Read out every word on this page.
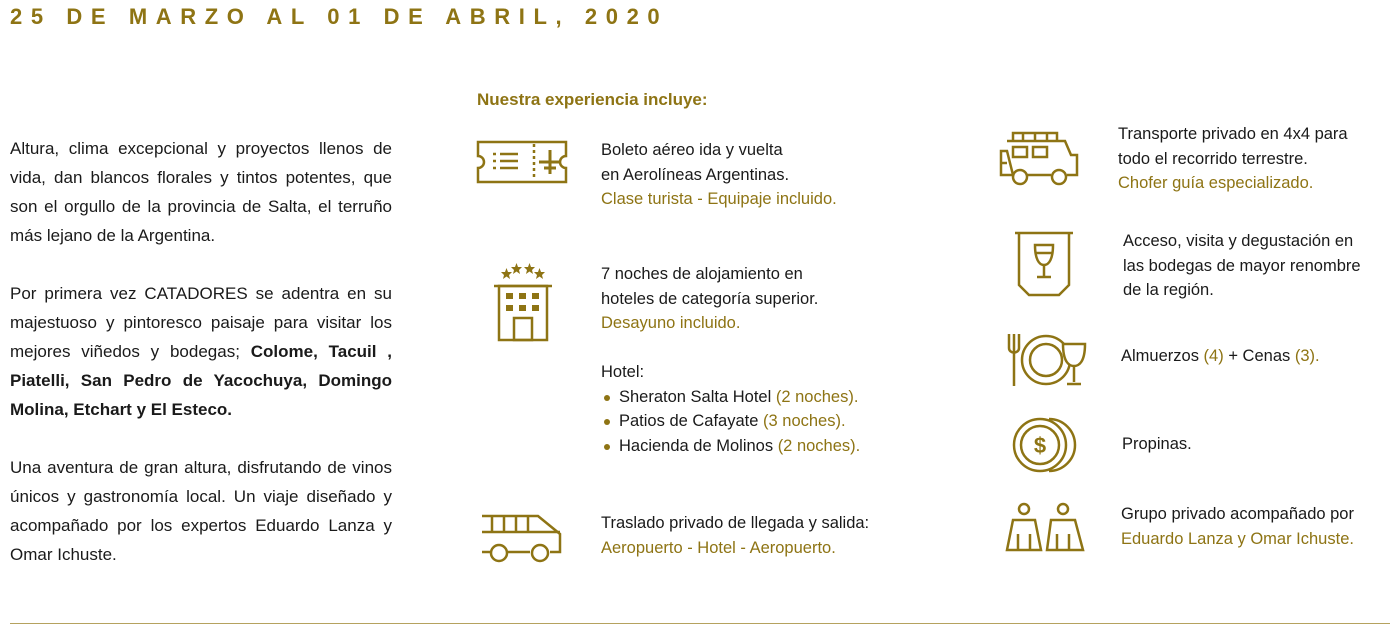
25 DE MARZO AL 01 DE ABRIL, 2020

Altura, clima excepcional y proyectos llenos de vida, dan blancos florales y tintos potentes, que son el orgullo de la provincia de Salta, el terruño más lejano de la Argentina.

Por primera vez CATADORES se adentra en su majestuoso y pintoresco paisaje para visitar los mejores viñedos y bodegas; Colome, Tacuil , Piatelli, San Pedro de Yacochuya, Domingo Molina, Etchart y El Esteco.

Una aventura de gran altura, disfrutando de vinos únicos y gastronomía local. Un viaje diseñado y acompañado por los expertos Eduardo Lanza y Omar Ichuste.

Nuestra experiencia incluye:
Boleto aéreo ida y vuelta
en Aerolíneas Argentinas.
Clase turista - Equipaje incluido.
7 noches de alojamiento en
hoteles de categoría superior.
Desayuno incluido.
Hotel:
Sheraton Salta Hotel (2 noches).
Patios de Cafayate (3 noches).
Hacienda de Molinos (2 noches).
Traslado privado de llegada y salida:
Aeropuerto - Hotel - Aeropuerto.
Transporte privado en 4x4 para
todo el recorrido terrestre.
Chofer guía especializado.
Acceso, visita y degustación en
las bodegas de mayor renombre
de la región.
Almuerzos (4) + Cenas (3).
$	Propinas.
Grupo privado acompañado por
Eduardo Lanza y Omar Ichuste.
